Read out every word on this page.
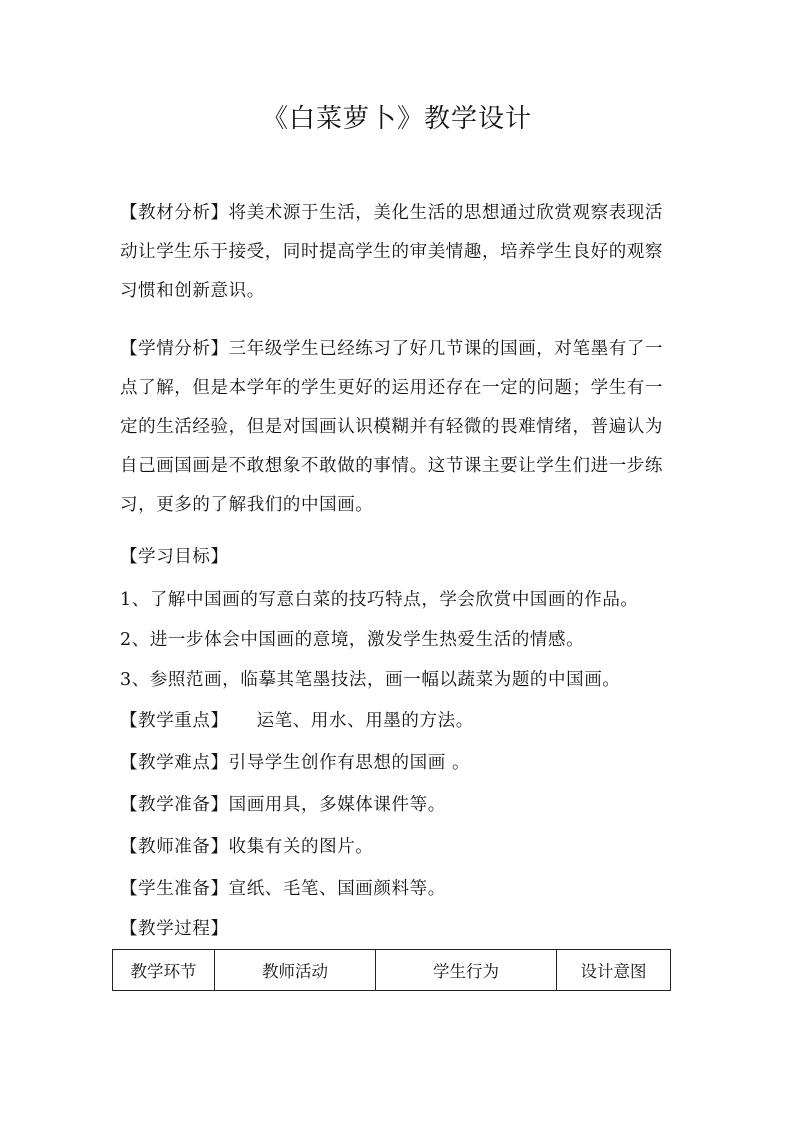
《白菜萝卜》教学设计

【教材分析】将美术源于生活，美化生活的思想通过欣赏观察表现活动让学生乐于接受，同时提高学生的审美情趣，培养学生良好的观察习惯和创新意识。

【学情分析】三年级学生已经练习了好几节课的国画，对笔墨有了一点了解，但是本学年的学生更好的运用还存在一定的问题；学生有一定的生活经验，但是对国画认识模糊并有轻微的畏难情绪，普遍认为自己画国画是不敢想象不敢做的事情。这节课主要让学生们进一步练习，更多的了解我们的中国画。

【学习目标】

1、了解中国画的写意白菜的技巧特点，学会欣赏中国画的作品。

2、进一步体会中国画的意境，激发学生热爱生活的情感。

3、参照范画，临摹其笔墨技法，画一幅以蔬菜为题的中国画。

【教学重点】 运笔、用水、用墨的方法。

【教学难点】引导学生创作有思想的国画 。

【教学准备】国画用具，多媒体课件等。

【教师准备】收集有关的图片。

【学生准备】宣纸、毛笔、国画颜料等。

【教学过程】

教学环节	教师活动	学生行为	设计意图
